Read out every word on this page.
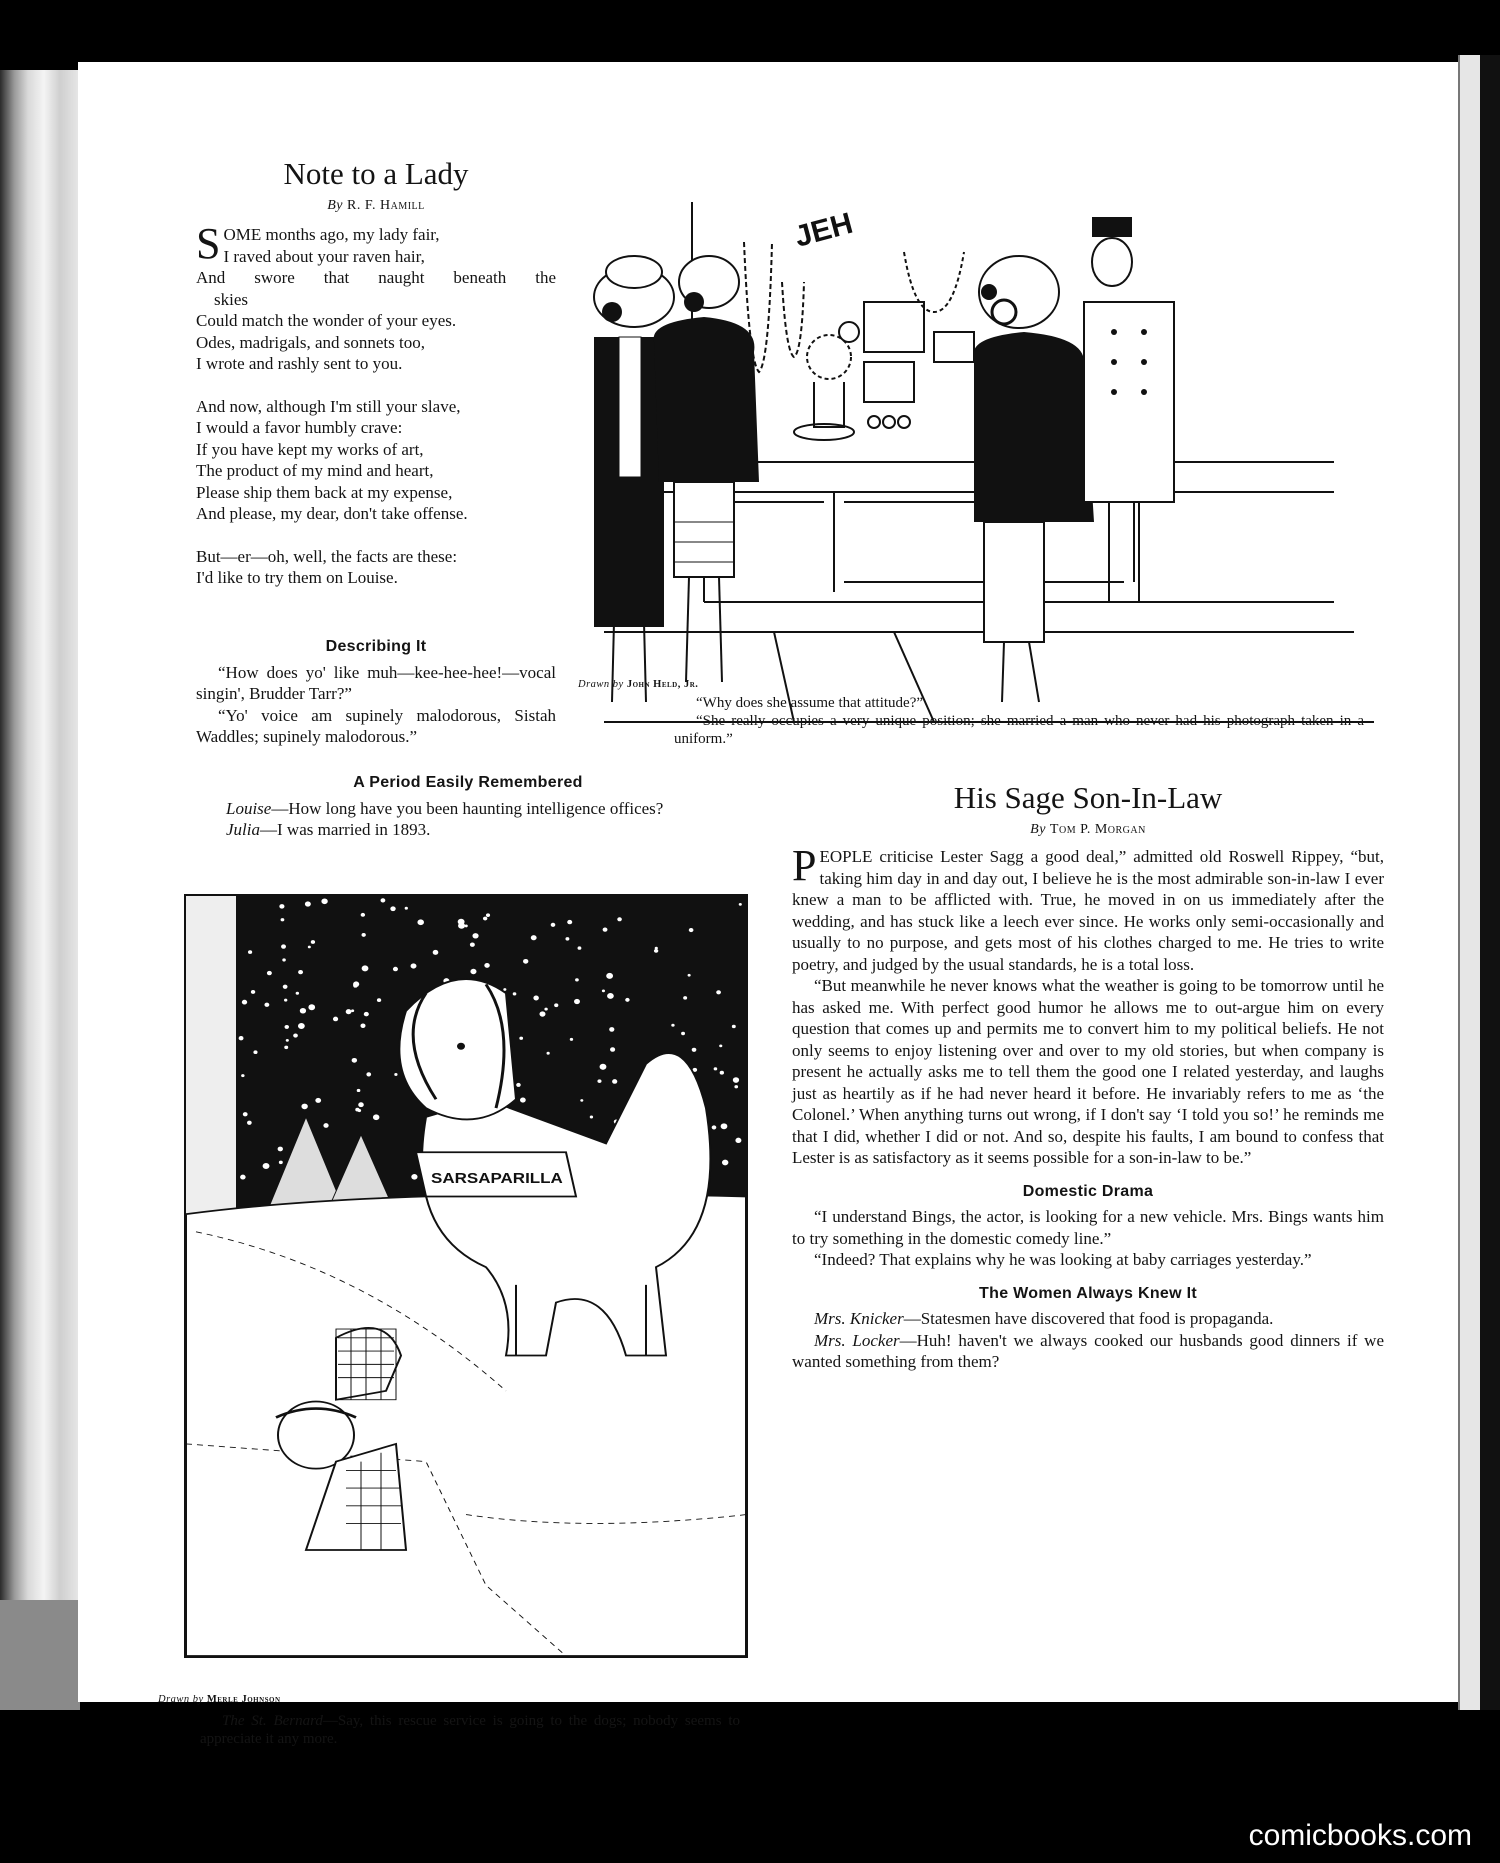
Note to a Lady
By R. F. Hamill

S OME months ago, my lady fair,
I raved about your raven hair,
And swore that naught beneath the
skies
Could match the wonder of your eyes.
Odes, madrigals, and sonnets too,
I wrote and rashly sent to you.

And now, although I'm still your slave,
I would a favor humbly crave:
If you have kept my works of art,
The product of my mind and heart,
Please ship them back at my expense,
And please, my dear, don't take offense.

But—er—oh, well, the facts are these:
I'd like to try them on Louise.

Describing It

“How does yo' like muh—kee-hee-hee!—vocal singin', Brudder Tarr?”

“Yo' voice am supinely malodorous, Sistah Waddles; supinely malodorous.”

JEH
Drawn by John Held, Jr.

“Why does she assume that attitude?”

“She really occupies a very unique position; she married a man who never had his photograph taken in a uniform.”

A Period Easily Remembered

Louise—How long have you been haunting intelligence offices?

Julia—I was married in 1893.

SARSAPARILLA
Drawn by Merle Johnson
His Sage Son-In-Law
By Tom P. Morgan

PEOPLE criticise Lester Sagg a good deal,” admitted old Roswell Rippey, “but, taking him day in and day out, I believe he is the most admirable son-in-law I ever knew a man to be afflicted with. True, he moved in on us immediately after the wedding, and has stuck like a leech ever since. He works only semi-occasionally and usually to no purpose, and gets most of his clothes charged to me. He tries to write poetry, and judged by the usual standards, he is a total loss.

“But meanwhile he never knows what the weather is going to be tomorrow until he has asked me. With perfect good humor he allows me to out-argue him on every question that comes up and permits me to convert him to my political beliefs. He not only seems to enjoy listening over and over to my old stories, but when company is present he actually asks me to tell them the good one I related yesterday, and laughs just as heartily as if he had never heard it before. He invariably refers to me as ‘the Colonel.’ When anything turns out wrong, if I don't say ‘I told you so!’ he reminds me that I did, whether I did or not. And so, despite his faults, I am bound to confess that Lester is as satisfactory as it seems possible for a son-in-law to be.”

Domestic Drama

“I understand Bings, the actor, is looking for a new vehicle. Mrs. Bings wants him to try something in the domestic comedy line.”

“Indeed? That explains why he was looking at baby carriages yesterday.”

The Women Always Knew It

Mrs. Knicker—Statesmen have discovered that food is propaganda.

Mrs. Locker—Huh! haven't we always cooked our husbands good dinners if we wanted something from them?

The St. Bernard—Say, this rescue service is going to the dogs; nobody seems to appreciate it any more.

comicbooks.com
